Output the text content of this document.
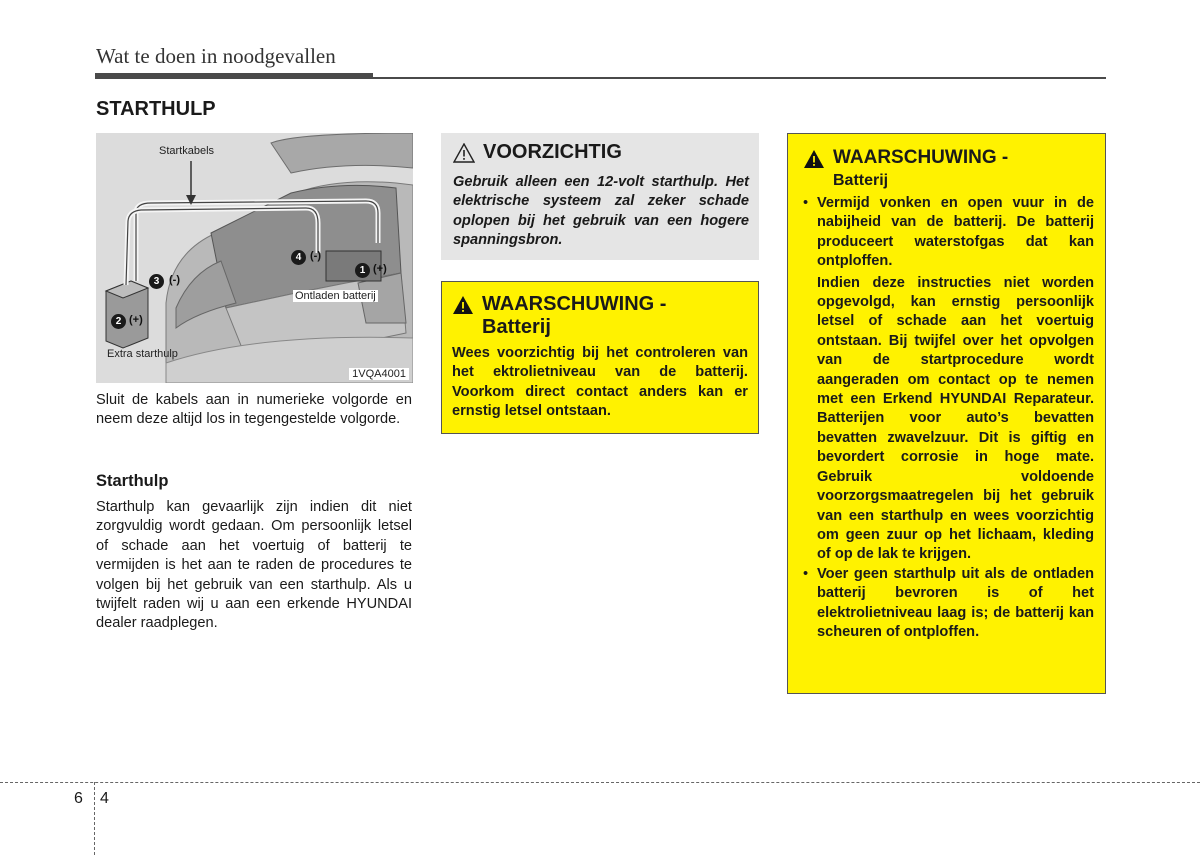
Wat te doen in noodgevallen
STARTHULP
Startkabels
Ontladen batterij
Extra starthulp
1VQA4001
1 (+)
2 (+)
3 (-)
4 (-)
Sluit de kabels aan in numerieke volgorde en neem deze altijd los in tegengestelde volgorde.
Starthulp
Starthulp kan gevaarlijk zijn indien dit niet zorgvuldig wordt gedaan. Om persoonlijk letsel of schade aan het voertuig of batterij te vermijden is het aan te raden de procedures te volgen bij het gebruik van een starthulp. Als u twijfelt raden wij u aan een erkende HYUNDAI dealer raadplegen.
VOORZICHTIG
Gebruik alleen een 12-volt starthulp. Het elektrische systeem zal zeker schade oplopen bij het gebruik van een hogere spanningsbron.
WAARSCHUWING -
Batterij
Wees voorzichtig bij het controleren van het ektrolietniveau van de batterij. Voorkom direct contact anders kan er ernstig letsel ontstaan.
WAARSCHUWING -
Batterij
• Vermijd vonken en open vuur in de nabijheid van de batterij. De batterij produceert waterstofgas dat kan ontploffen.
Indien deze instructies niet worden opgevolgd, kan ernstig persoonlijk letsel of schade aan het voertuig ontstaan. Bij twijfel over het opvolgen van de startprocedure wordt aangeraden om contact op te nemen met een Erkend HYUNDAI Reparateur. Batterijen voor auto’s bevatten bevatten zwavelzuur. Dit is giftig en bevordert corrosie in hoge mate. Gebruik voldoende voorzorgsmaatregelen bij het gebruik van een starthulp en wees voorzichtig om geen zuur op het lichaam, kleding of op de lak te krijgen.
• Voer geen starthulp uit als de ontladen batterij bevroren is of het elektrolietniveau laag is; de batterij kan scheuren of ontploffen.
6 4
